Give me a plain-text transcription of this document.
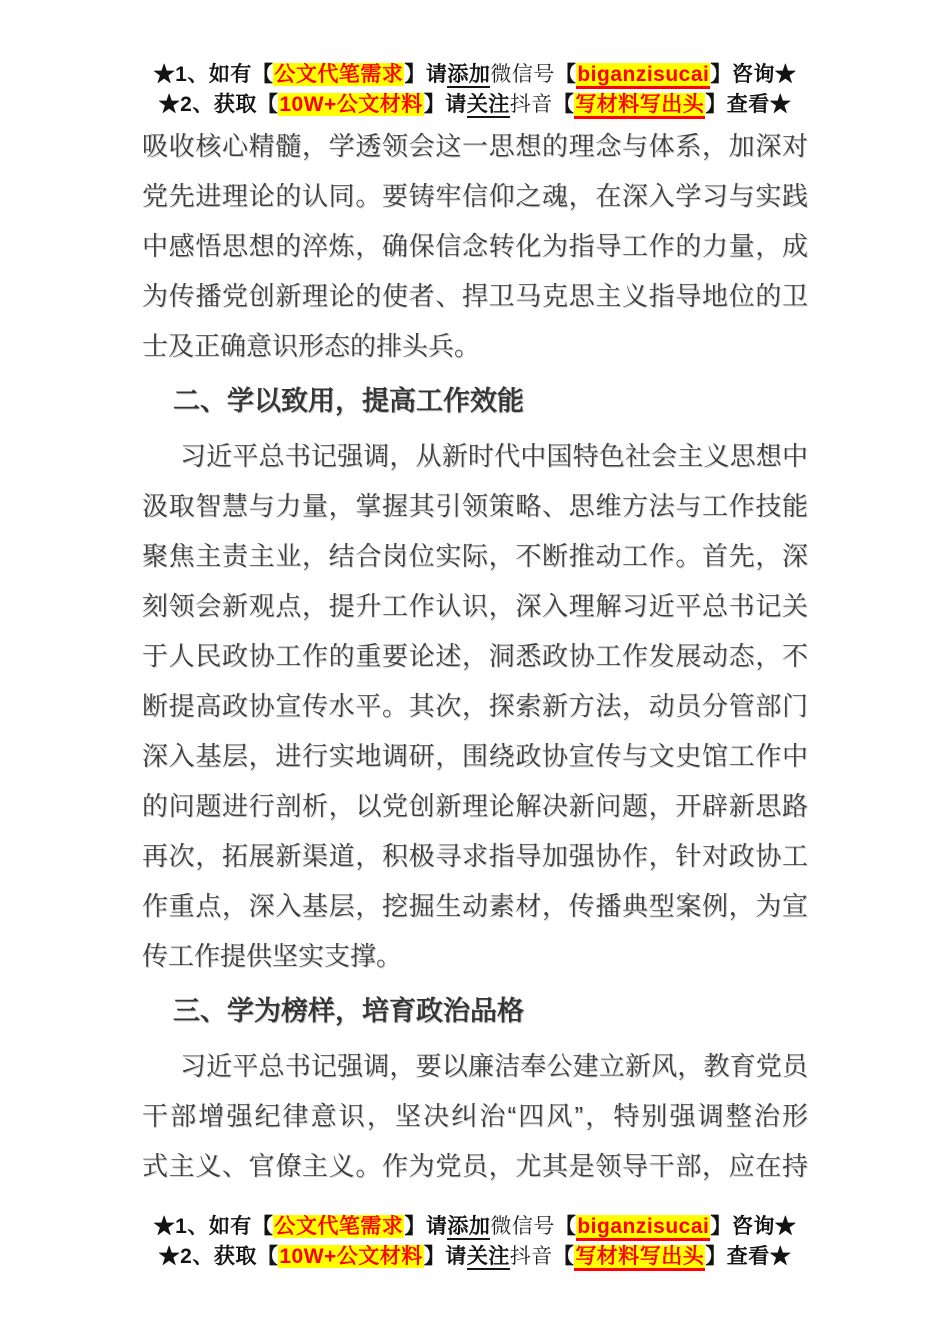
★1、如有【公文代笔需求】请添加微信号【biganzisucai】咨询★
★2、获取【10W+公文材料】请关注抖音【写材料写出头】查看★
吸收核心精髓，学透领会这一思想的理念与体系，加深对
党先进理论的认同。要铸牢信仰之魂，在深入学习与实践
中感悟思想的淬炼，确保信念转化为指导工作的力量，成
为传播党创新理论的使者、捍卫马克思主义指导地位的卫
士及正确意识形态的排头兵。
二、学以致用，提高工作效能
习近平总书记强调，从新时代中国特色社会主义思想中
汲取智慧与力量，掌握其引领策略、思维方法与工作技能
聚焦主责主业，结合岗位实际，不断推动工作。首先，深
刻领会新观点，提升工作认识，深入理解习近平总书记关
于人民政协工作的重要论述，洞悉政协工作发展动态，不
断提高政协宣传水平。其次，探索新方法，动员分管部门
深入基层，进行实地调研，围绕政协宣传与文史馆工作中
的问题进行剖析，以党创新理论解决新问题，开辟新思路
再次，拓展新渠道，积极寻求指导加强协作，针对政协工
作重点，深入基层，挖掘生动素材，传播典型案例，为宣
传工作提供坚实支撑。
三、学为榜样，培育政治品格
习近平总书记强调，要以廉洁奉公建立新风，教育党员
干部增强纪律意识，坚决纠治“四风”，特别强调整治形
式主义、官僚主义。作为党员，尤其是领导干部，应在持
★1、如有【公文代笔需求】请添加微信号【biganzisucai】咨询★
★2、获取【10W+公文材料】请关注抖音【写材料写出头】查看★
